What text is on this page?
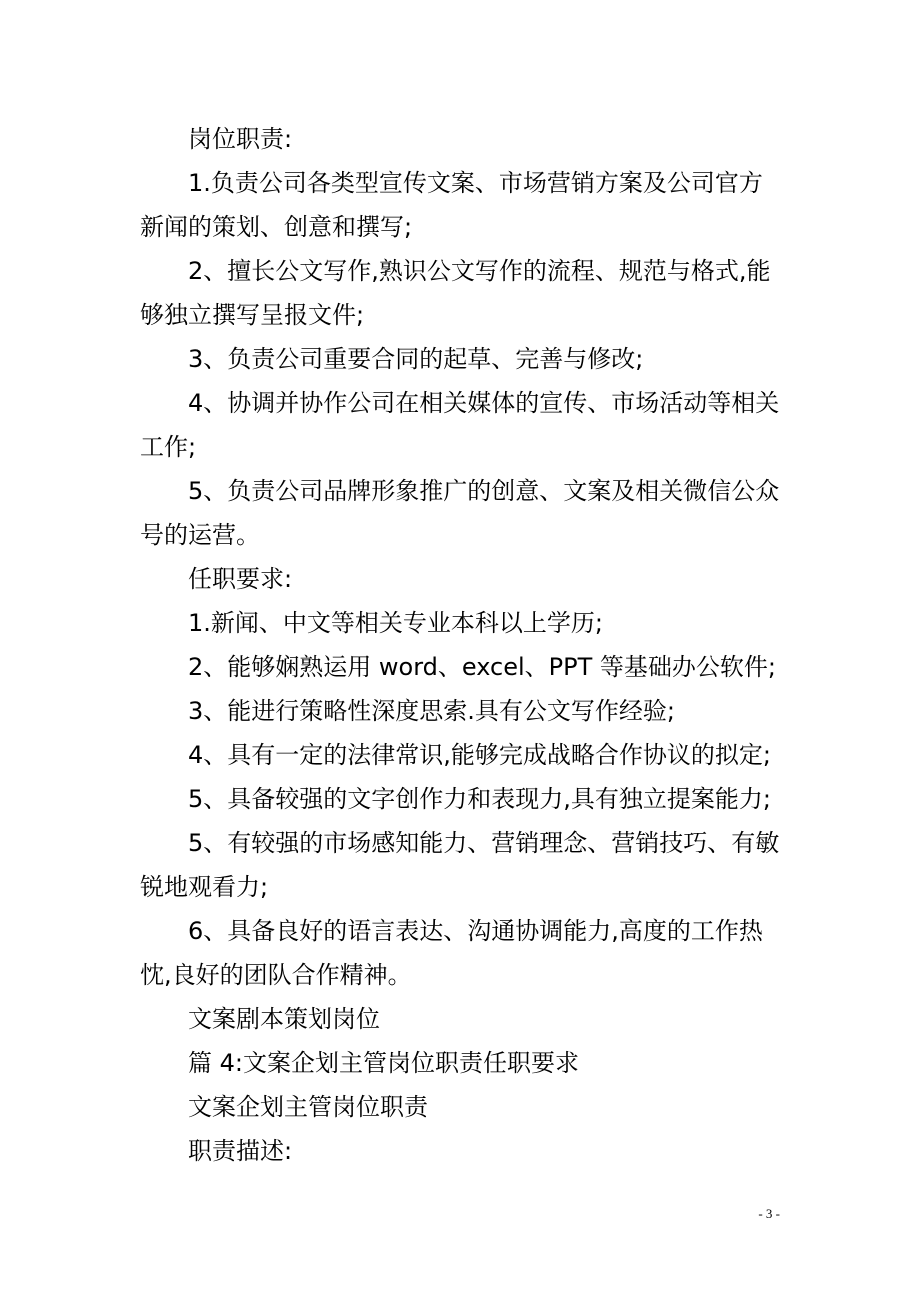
岗位职责:

1.负责公司各类型宣传文案、市场营销方案及公司官方新闻的策划、创意和撰写;

2、擅长公文写作,熟识公文写作的流程、规范与格式,能够独立撰写呈报文件;

3、负责公司重要合同的起草、完善与修改;

4、协调并协作公司在相关媒体的宣传、市场活动等相关工作;

5、负责公司品牌形象推广的创意、文案及相关微信公众号的运营。

任职要求:

1.新闻、中文等相关专业本科以上学历;

2、能够娴熟运用 word、excel、PPT 等基础办公软件;

3、能进行策略性深度思索.具有公文写作经验;

4、具有一定的法律常识,能够完成战略合作协议的拟定;

5、具备较强的文字创作力和表现力,具有独立提案能力;

5、有较强的市场感知能力、营销理念、营销技巧、有敏锐地观看力;

6、具备良好的语言表达、沟通协调能力,高度的工作热忱,良好的团队合作精神。

文案剧本策划岗位

篇 4:文案企划主管岗位职责任职要求

文案企划主管岗位职责

职责描述:

- 3 -
